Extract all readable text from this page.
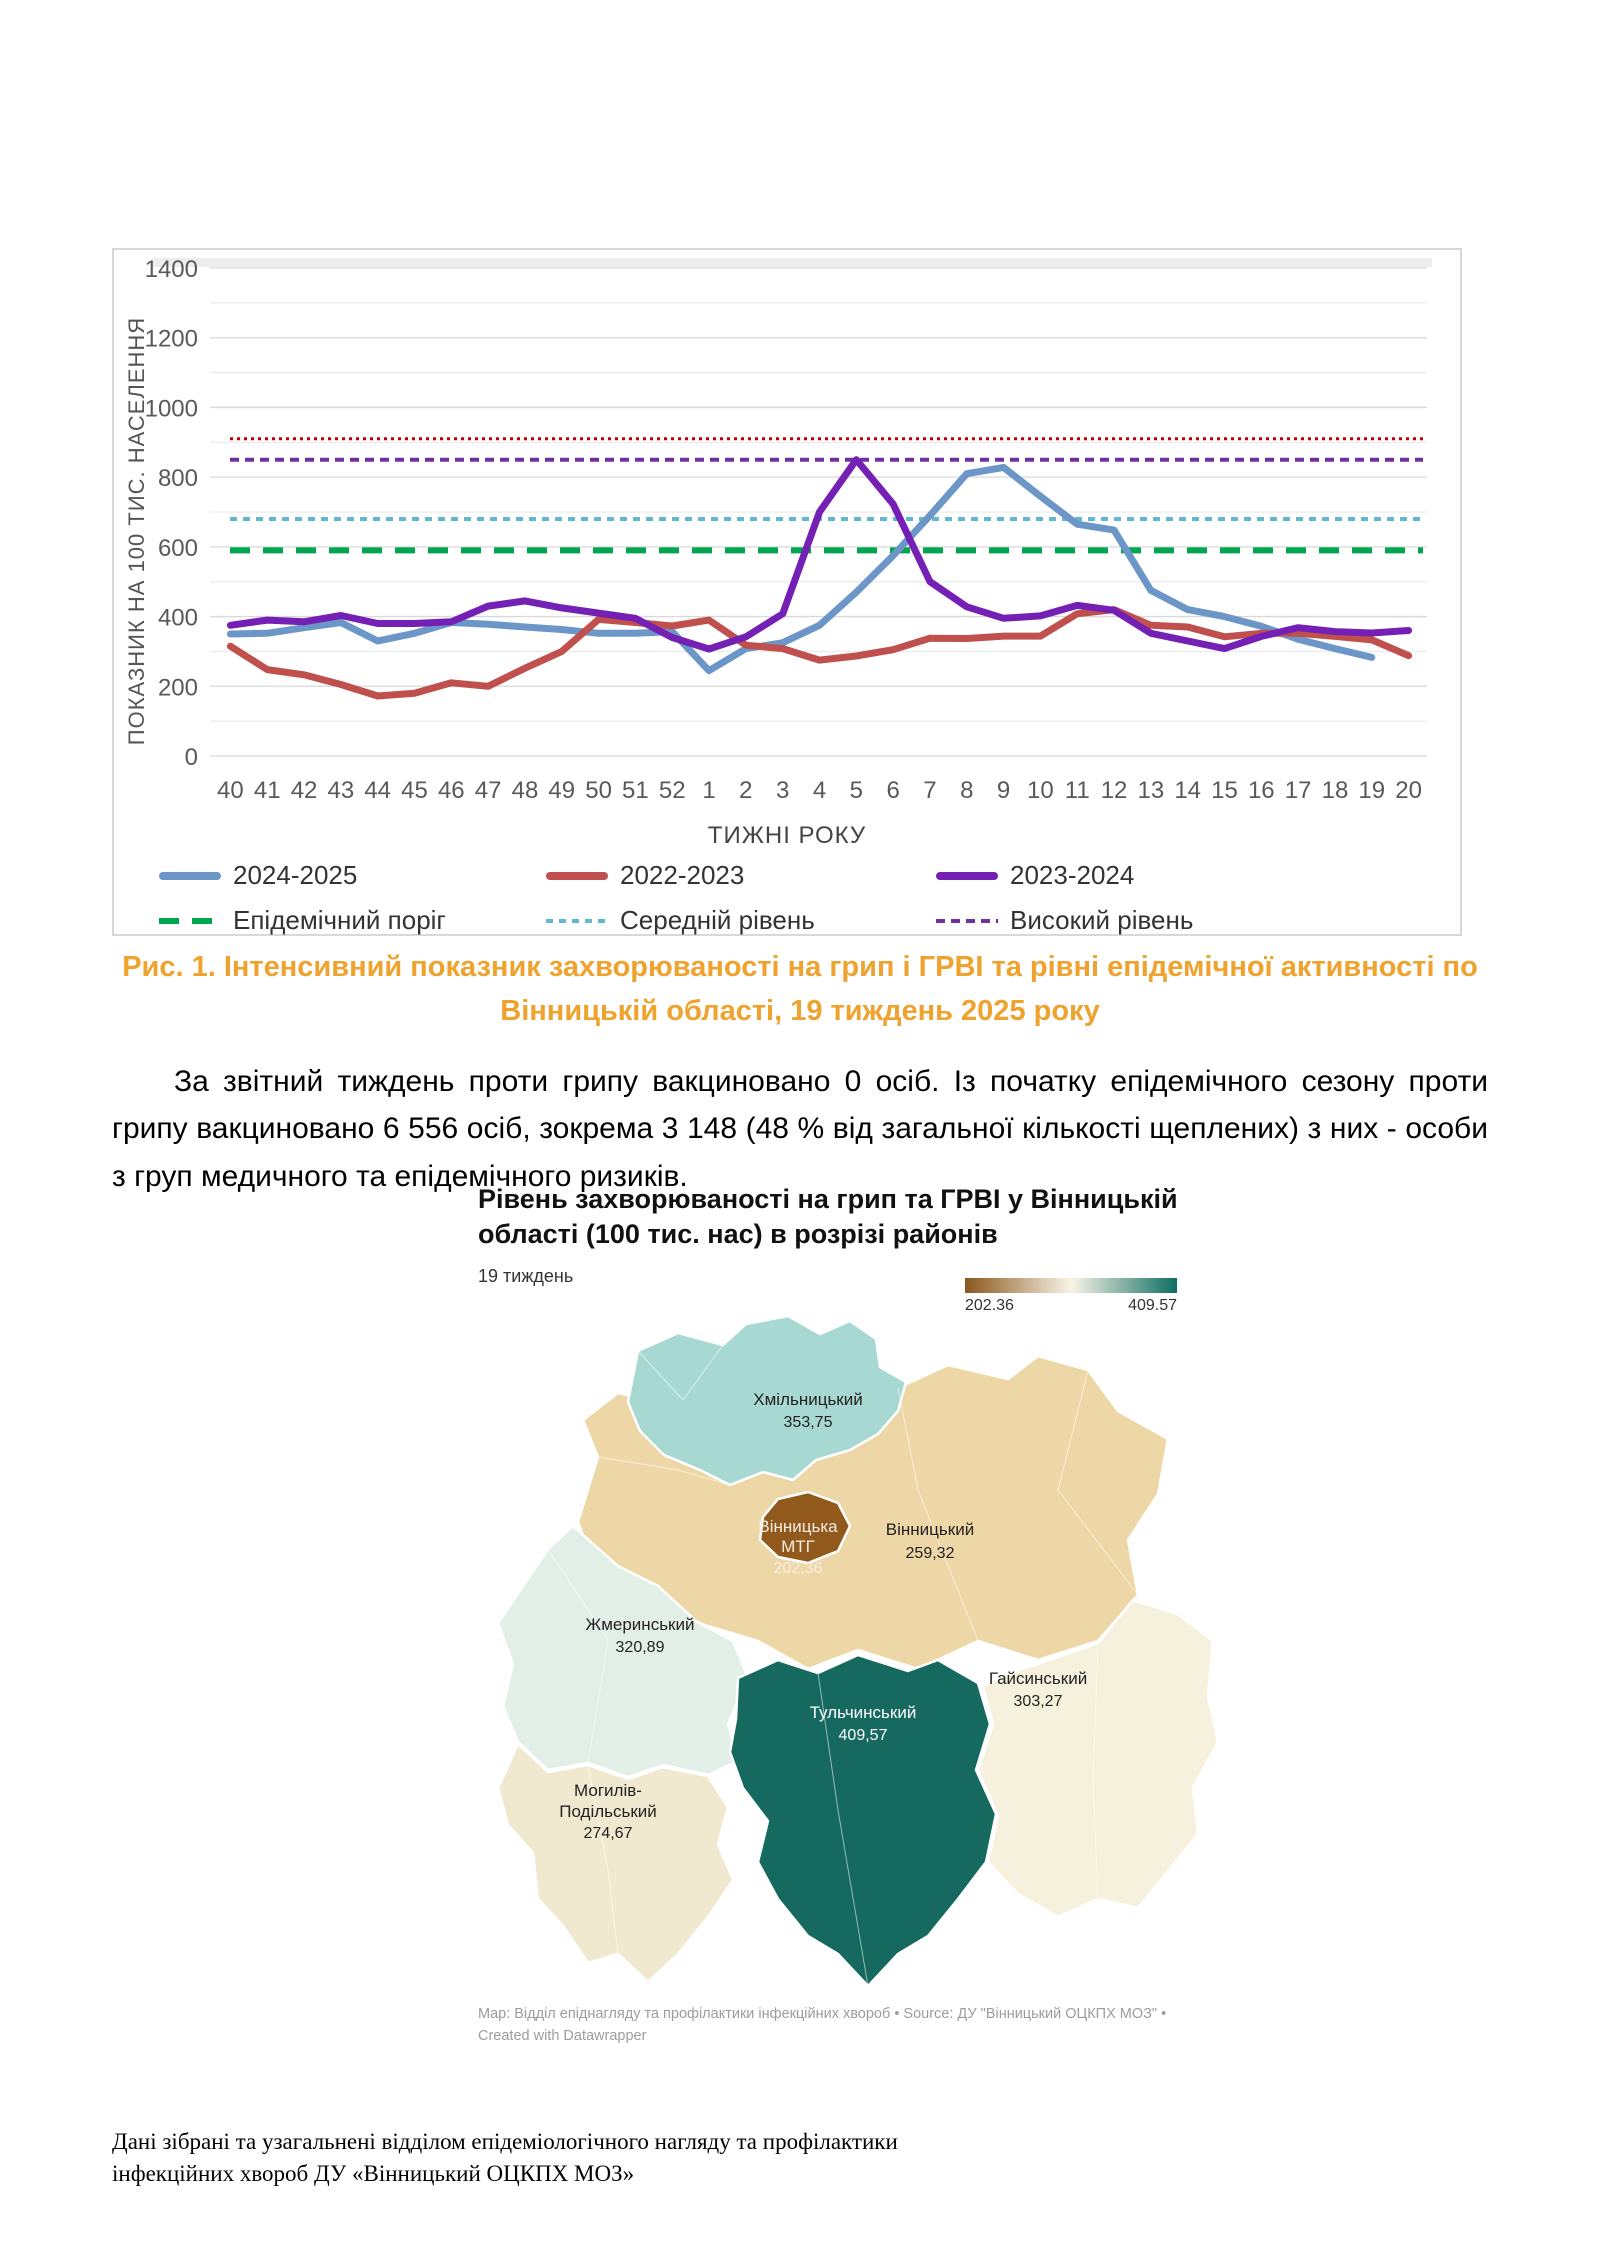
ПОКАЗНИК НА 100 ТИС. НАСЕЛЕННЯ
0
200
400
600
800
1000
1200
1400
40 41 42 43 44 45 46 47 48 49 50 51 52 1 2 3 4 5 6 7 8 9 10 11 12 13 14 15 16 17 18 19 20
ТИЖНІ РОКУ
2024-2025	2022-2023	2023-2024
Епідемічний поріг	Середній рівень	Високий рівень
Рис. 1. Інтенсивний показник захворюваності на грип і ГРВІ та рівні епідемічної активності по Вінницькій області, 19 тиждень 2025 року
За звітний тиждень проти грипу вакциновано 0 осіб. Із початку епідемічного сезону проти грипу вакциновано 6 556 осіб, зокрема 3 148 (48 % від загальної кількості щеплених) з них - особи з груп медичного та епідемічного ризиків.
Рівень захворюваності на грип та ГРВІ у Вінницькій
області (100 тис. нас) в розрізі районів
19 тиждень
202.36	409.57
Хмільницький
353,75
Вінницька
МТГ
202,36
Вінницький
259,32
Жмеринський
320,89
Гайсинський
303,27
Тульчинський
409,57
Могилів-
Подільський
274,67
Map: Відділ епіднагляду та профілактики інфекційних хвороб • Source: ДУ "Вінницький ОЦКПХ МОЗ" • Created with Datawrapper
Дані зібрані та узагальнені відділом епідеміологічного нагляду та профілактики
інфекційних хвороб ДУ «Вінницький ОЦКПХ МОЗ»
